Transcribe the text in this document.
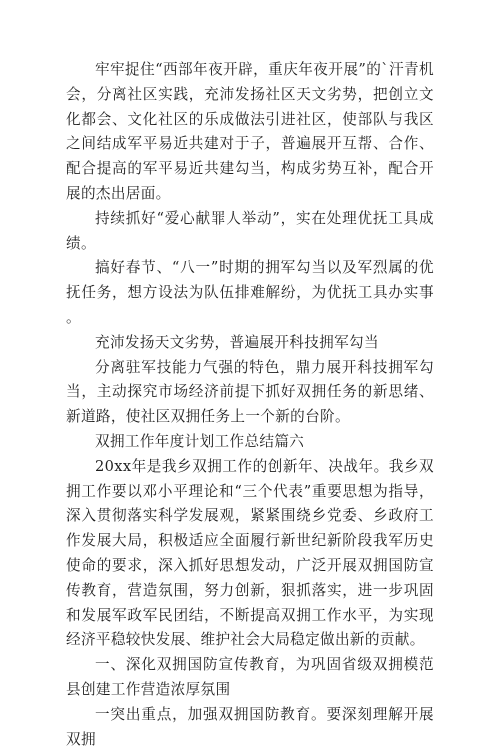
牢牢捉住“西部年夜开辟，重庆年夜开展”的`汗青机会，分离社区实践，充沛发扬社区天文劣势，把创立文化都会、文化社区的乐成做法引进社区，使部队与我区之间结成军平易近共建对于子，普遍展开互帮、合作、配合提高的军平易近共建勾当，构成劣势互补，配合开展的杰出居面。

持续抓好“爱心献罪人举动”，实在处理优抚工具成绩。

搞好春节、“八一”时期的拥军勾当以及军烈属的优抚任务，想方设法为队伍排难解纷，为优抚工具办实事。

充沛发扬天文劣势，普遍展开科技拥军勾当

分离驻军技能力气强的特色，鼎力展开科技拥军勾当，主动探究市场经济前提下抓好双拥任务的新思绪、新道路，使社区双拥任务上一个新的台阶。

双拥工作年度计划工作总结篇六

20xx年是我乡双拥工作的创新年、决战年。我乡双拥工作要以邓小平理论和“三个代表”重要思想为指导，深入贯彻落实科学发展观，紧紧围绕乡党委、乡政府工作发展大局，积极适应全面履行新世纪新阶段我军历史使命的要求，深入抓好思想发动，广泛开展双拥国防宣传教育，营造氛围，努力创新，狠抓落实，进一步巩固和发展军政军民团结，不断提高双拥工作水平，为实现经济平稳较快发展、维护社会大局稳定做出新的贡献。

一、深化双拥国防宣传教育，为巩固省级双拥模范县创建工作营造浓厚氛围

一突出重点，加强双拥国防教育。要深刻理解开展双拥
